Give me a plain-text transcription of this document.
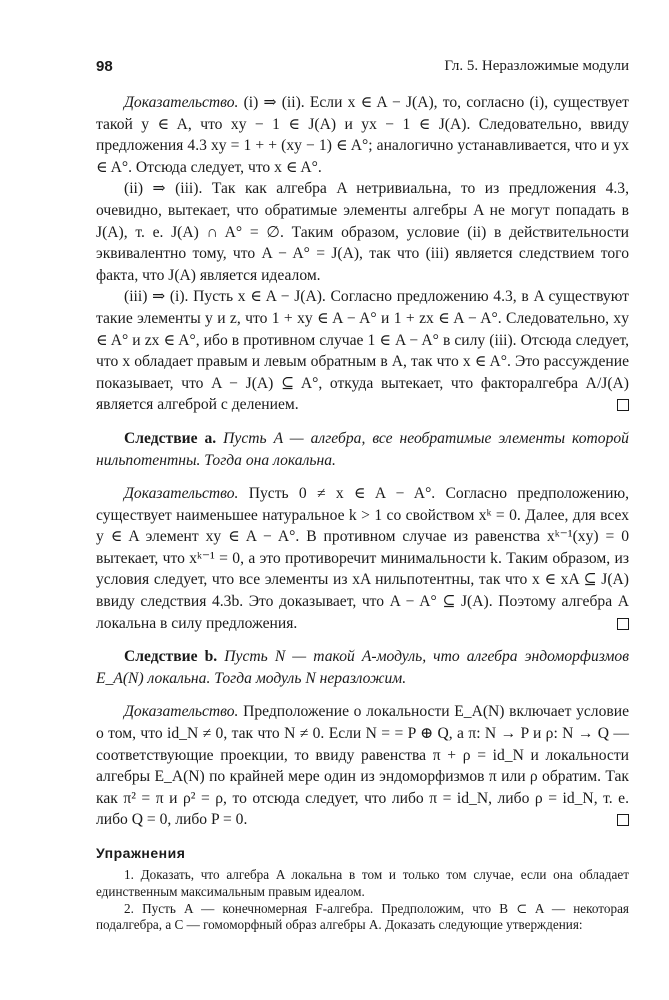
98	Гл. 5. Неразложимые модули

Доказательство. (i) ⇒ (ii). Если x ∈ A − J(A), то, согласно (i), существует такой y ∈ A, что xy − 1 ∈ J(A) и yx − 1 ∈ J(A). Следовательно, ввиду предложения 4.3 xy = 1 + + (xy − 1) ∈ A°; аналогично устанавливается, что и yx ∈ A°. Отсюда следует, что x ∈ A°.

(ii) ⇒ (iii). Так как алгебра A нетривиальна, то из предложения 4.3, очевидно, вытекает, что обратимые элементы алгебры A не могут попадать в J(A), т. е. J(A) ∩ A° = ∅. Таким образом, условие (ii) в действительности эквивалентно тому, что A − A° = J(A), так что (iii) является следствием того факта, что J(A) является идеалом.

(iii) ⇒ (i). Пусть x ∈ A − J(A). Согласно предложению 4.3, в A существуют такие элементы y и z, что 1 + xy ∈ A − A° и 1 + zx ∈ A − A°. Следовательно, xy ∈ A° и zx ∈ A°, ибо в противном случае 1 ∈ A − A° в силу (iii). Отсюда следует, что x обладает правым и левым обратным в A, так что x ∈ A°. Это рассуждение показывает, что A − J(A) ⊆ A°, откуда вытекает, что факторалгебра A/J(A) является алгеброй с делением.

Следствие a. Пусть A — алгебра, все необратимые элементы которой нильпотентны. Тогда она локальна.

Доказательство. Пусть 0 ≠ x ∈ A − A°. Согласно предположению, существует наименьшее натуральное k > 1 со свойством xᵏ = 0. Далее, для всех y ∈ A элемент xy ∈ A − A°. В противном случае из равенства xᵏ⁻¹(xy) = 0 вытекает, что xᵏ⁻¹ = 0, а это противоречит минимальности k. Таким образом, из условия следует, что все элементы из xA нильпотентны, так что x ∈ xA ⊆ J(A) ввиду следствия 4.3b. Это доказывает, что A − A° ⊆ J(A). Поэтому алгебра A локальна в силу предложения.

Следствие b. Пусть N — такой A-модуль, что алгебра эндоморфизмов E_A(N) локальна. Тогда модуль N неразложим.

Доказательство. Предположение о локальности E_A(N) включает условие о том, что id_N ≠ 0, так что N ≠ 0. Если N = = P ⊕ Q, а π: N → P и ρ: N → Q — соответствующие проекции, то ввиду равенства π + ρ = id_N и локальности алгебры E_A(N) по крайней мере один из эндоморфизмов π или ρ обратим. Так как π² = π и ρ² = ρ, то отсюда следует, что либо π = id_N, либо ρ = id_N, т. е. либо Q = 0, либо P = 0.

Упражнения

1. Доказать, что алгебра A локальна в том и только том случае, если она обладает единственным максимальным правым идеалом.

2. Пусть A — конечномерная F-алгебра. Предположим, что B ⊂ A — некоторая подалгебра, а C — гомоморфный образ алгебры A. Доказать следующие утверждения:
